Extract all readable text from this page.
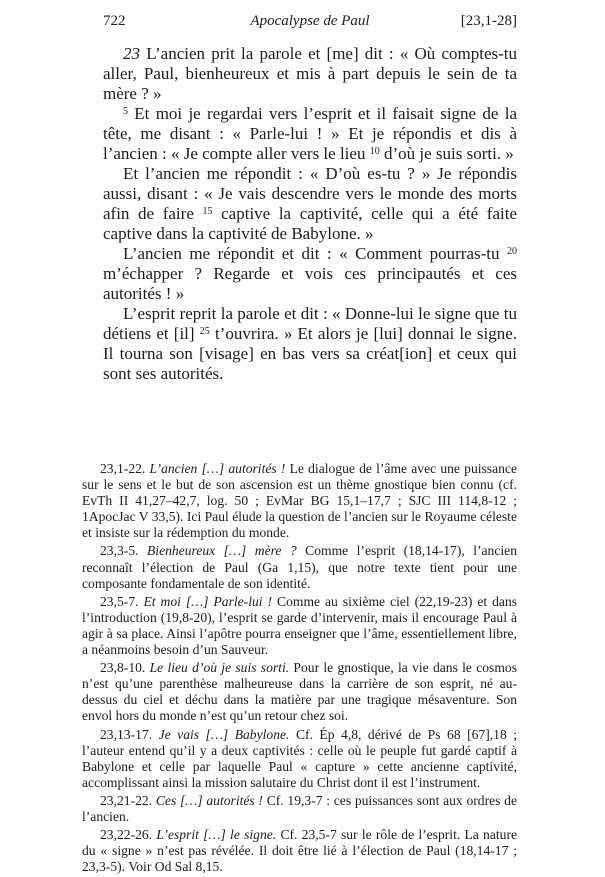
722	Apocalypse de Paul	[23,1-28]

23 L’ancien prit la parole et [me] dit : « Où comptes-tu aller, Paul, bienheureux et mis à part depuis le sein de ta mère ? »

$^5$ Et moi je regardai vers l’esprit et il faisait signe de la tête, me disant : « Parle-lui ! » Et je répondis et dis à l’ancien : « Je compte aller vers le lieu $^{10}$ d’où je suis sorti. »

Et l’ancien me répondit : « D’où es-tu ? » Je répondis aussi, disant : « Je vais descendre vers le monde des morts afin de faire $^{15}$ captive la captivité, celle qui a été faite captive dans la captivité de Babylone. »

L’ancien me répondit et dit : « Comment pourras-tu $^{20}$ m’échapper ? Regarde et vois ces principautés et ces autorités ! »

L’esprit reprit la parole et dit : « Donne-lui le signe que tu détiens et [il] $^{25}$ t’ouvrira. » Et alors je [lui] donnai le signe. Il tourna son [visage] en bas vers sa créat[ion] et ceux qui sont ses autorités.

23,1-22. L’ancien […] autorités ! Le dialogue de l’âme avec une puissance sur le sens et le but de son ascension est un thème gnostique bien connu (cf. EvTh II 41,27–42,7, log. 50 ; EvMar BG 15,1–17,7 ; SJC III 114,8-12 ; 1ApocJac V 33,5). Ici Paul élude la question de l’ancien sur le Royaume céleste et insiste sur la rédemption du monde.

23,3-5. Bienheureux […] mère ? Comme l’esprit (18,14-17), l’ancien reconnaît l’élection de Paul (Ga 1,15), que notre texte tient pour une composante fondamentale de son identité.

23,5-7. Et moi […] Parle-lui ! Comme au sixième ciel (22,19-23) et dans l’introduction (19,8-20), l’esprit se garde d’intervenir, mais il encourage Paul à agir à sa place. Ainsi l’apôtre pourra enseigner que l’âme, essentiellement libre, a néanmoins besoin d’un Sauveur.

23,8-10. Le lieu d’où je suis sorti. Pour le gnostique, la vie dans le cosmos n’est qu’une parenthèse malheureuse dans la carrière de son esprit, né au-dessus du ciel et déchu dans la matière par une tragique mésaventure. Son envol hors du monde n’est qu’un retour chez soi.

23,13-17. Je vais […] Babylone. Cf. Ép 4,8, dérivé de Ps 68 [67],18 ; l’auteur entend qu’il y a deux captivités : celle où le peuple fut gardé captif à Babylone et celle par laquelle Paul « capture » cette ancienne captivité, accomplissant ainsi la mission salutaire du Christ dont il est l’instrument.

23,21-22. Ces […] autorités ! Cf. 19,3-7 : ces puissances sont aux ordres de l’ancien.

23,22-26. L’esprit […] le signe. Cf. 23,5-7 sur le rôle de l’esprit. La nature du « signe » n’est pas révélée. Il doit être lié à l’élection de Paul (18,14-17 ; 23,3-5). Voir Od Sal 8,15.
